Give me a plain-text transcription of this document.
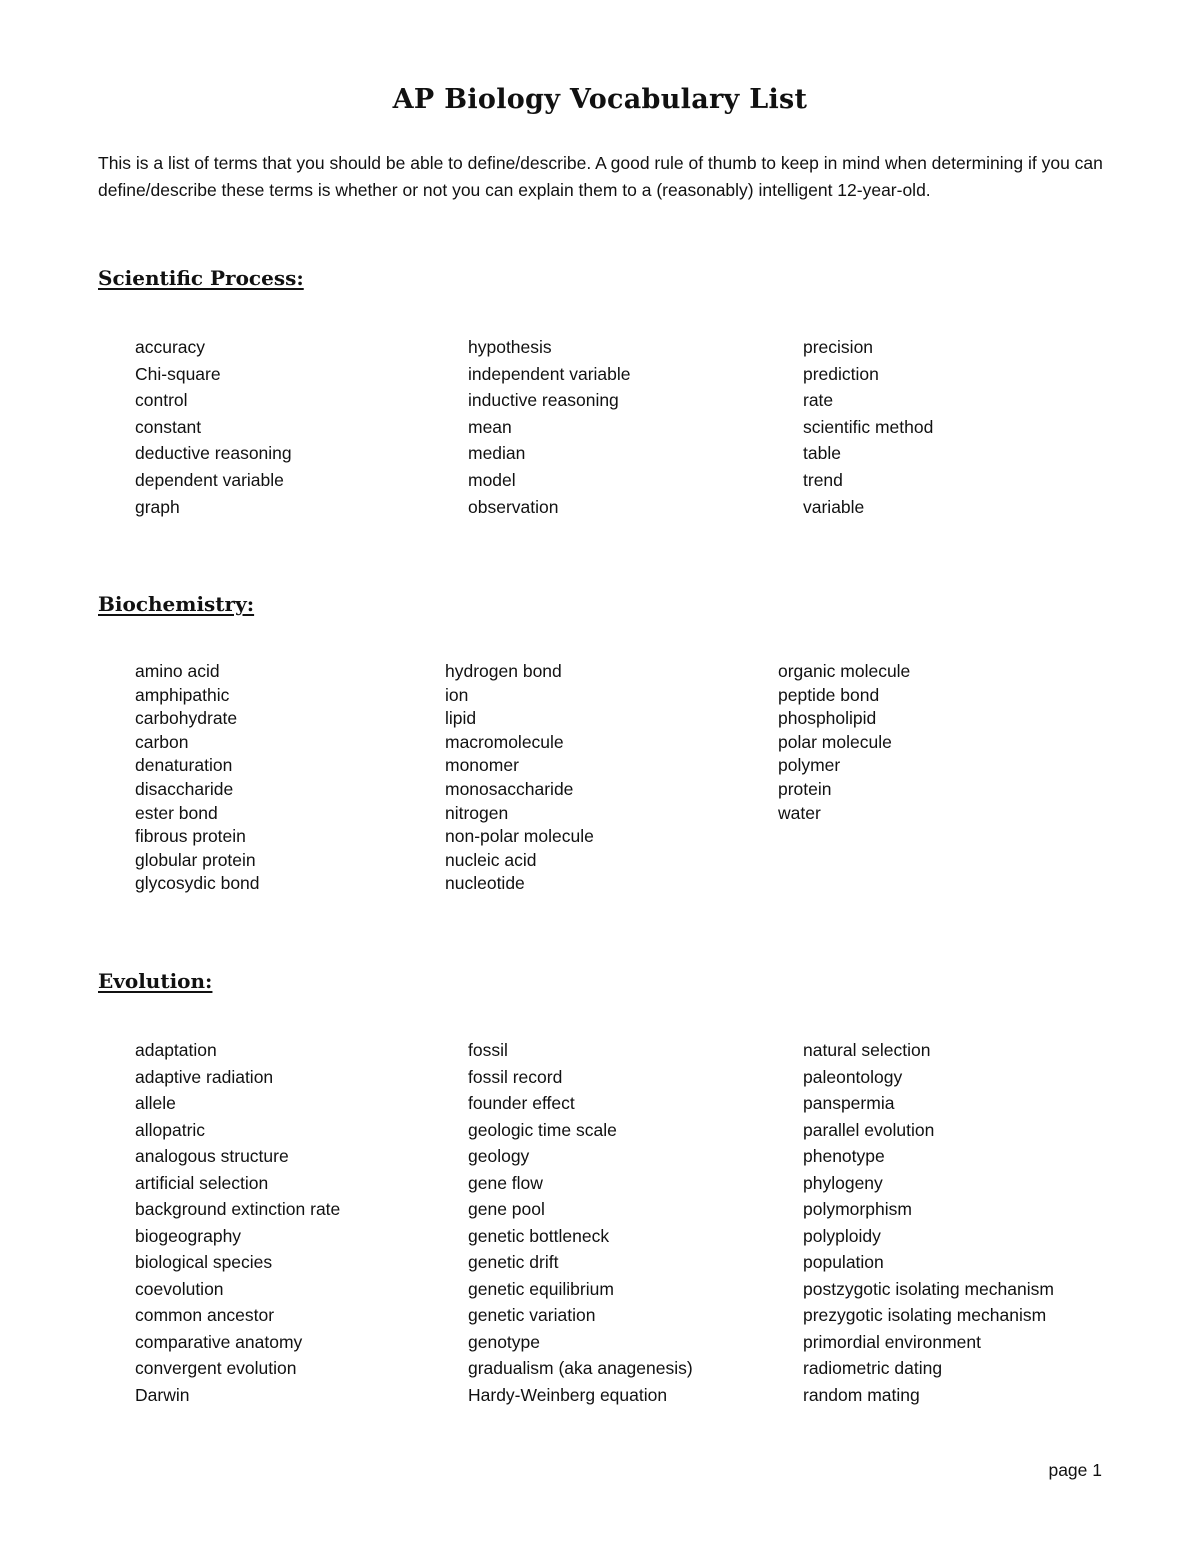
AP Biology Vocabulary List

This is a list of terms that you should be able to define/describe. A good rule of thumb to keep in mind when determining if you can define/describe these terms is whether or not you can explain them to a (reasonably) intelligent 12-year-old.

Scientific Process:
accuracy
Chi-square
control
constant
deductive reasoning
dependent variable
graph
hypothesis
independent variable
inductive reasoning
mean
median
model
observation
precision
prediction
rate
scientific method
table
trend
variable
Biochemistry:
amino acid
amphipathic
carbohydrate
carbon
denaturation
disaccharide
ester bond
fibrous protein
globular protein
glycosydic bond
hydrogen bond
ion
lipid
macromolecule
monomer
monosaccharide
nitrogen
non-polar molecule
nucleic acid
nucleotide
organic molecule
peptide bond
phospholipid
polar molecule
polymer
protein
water
Evolution:
adaptation
adaptive radiation
allele
allopatric
analogous structure
artificial selection
background extinction rate
biogeography
biological species
coevolution
common ancestor
comparative anatomy
convergent evolution
Darwin
fossil
fossil record
founder effect
geologic time scale
geology
gene flow
gene pool
genetic bottleneck
genetic drift
genetic equilibrium
genetic variation
genotype
gradualism (aka anagenesis)
Hardy-Weinberg equation
natural selection
paleontology
panspermia
parallel evolution
phenotype
phylogeny
polymorphism
polyploidy
population
postzygotic isolating mechanism
prezygotic isolating mechanism
primordial environment
radiometric dating
random mating

page 1
